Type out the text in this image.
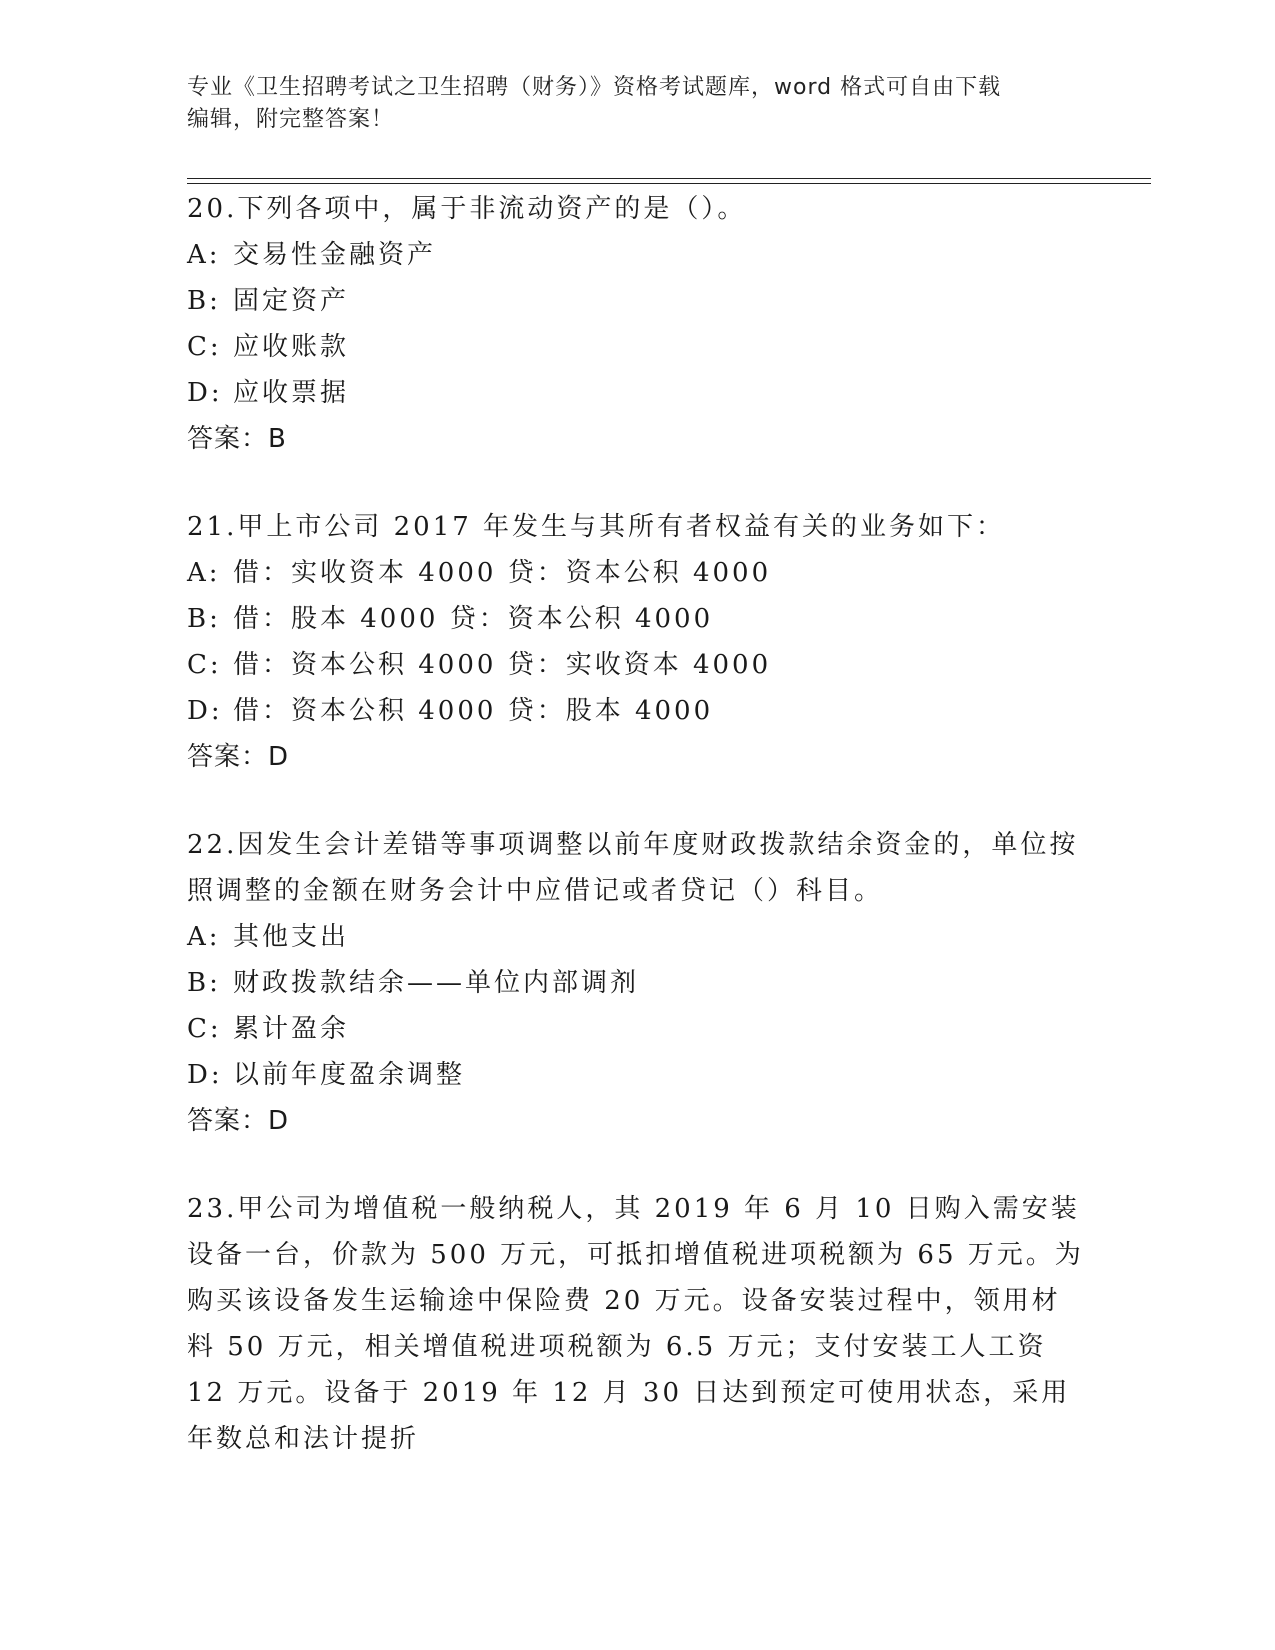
专业《卫生招聘考试之卫生招聘（财务）》资格考试题库，word 格式可自由下载
编辑，附完整答案！
20.下列各项中，属于非流动资产的是（）。
A: 交易性金融资产
B: 固定资产
C: 应收账款
D: 应收票据
答案：B
21.甲上市公司 2017 年发生与其所有者权益有关的业务如下：
A: 借：实收资本 4000 贷：资本公积 4000
B: 借：股本 4000 贷：资本公积 4000
C: 借：资本公积 4000 贷：实收资本 4000
D: 借：资本公积 4000 贷：股本 4000
答案：D
22.因发生会计差错等事项调整以前年度财政拨款结余资金的，单位按照调整的金额在财务会计中应借记或者贷记（）科目。
A: 其他支出
B: 财政拨款结余——单位内部调剂
C: 累计盈余
D: 以前年度盈余调整
答案：D
23.甲公司为增值税一般纳税人，其 2019 年 6 月 10 日购入需安装设备一台，价款为 500 万元，可抵扣增值税进项税额为 65 万元。为购买该设备发生运输途中保险费 20 万元。设备安装过程中，领用材料 50 万元，相关增值税进项税额为 6.5 万元；支付安装工人工资 12 万元。设备于 2019 年 12 月 30 日达到预定可使用状态，采用年数总和法计提折
